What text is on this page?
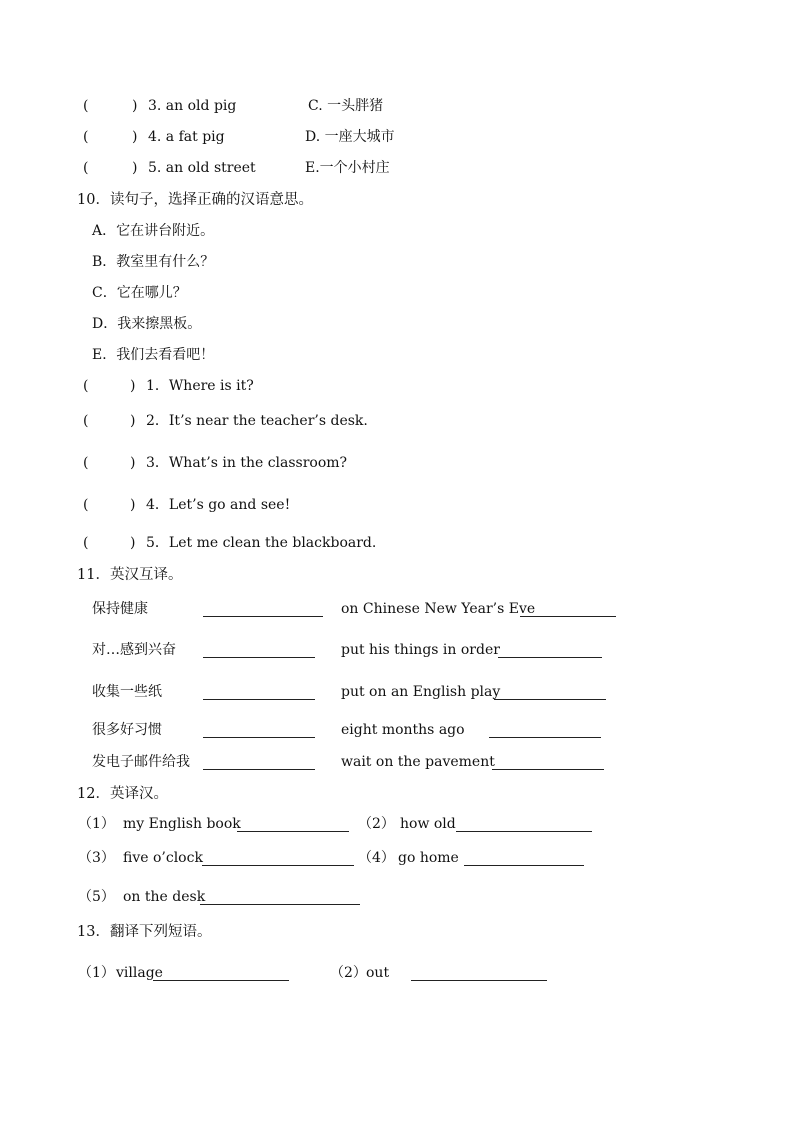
(	) 3. an old pig	C. 一头胖猪
(	) 4. a fat pig	D. 一座大城市
(	) 5. an old street	E.一个小村庄
10．读句子，选择正确的汉语意思。
A．它在讲台附近。
B．教室里有什么？
C．它在哪儿？
D．我来擦黑板。
E．我们去看看吧！
(	) 1．Where is it?
(	) 2．It’s near the teacher’s desk.
(	) 3．What’s in the classroom?
(	) 4．Let’s go and see!
(	) 5．Let me clean the blackboard.
11．英汉互译。
保持健康	on Chinese New Year’s Eve
对…感到兴奋	put his things in order
收集一些纸	put on an English play
很多好习惯	eight months ago
发电子邮件给我	wait on the pavement
12．英译汉。
（1） my English book	（2） how old
（3） five o’clock	（4） go home
（5） on the desk
13．翻译下列短语。
（1） village	（2） out
